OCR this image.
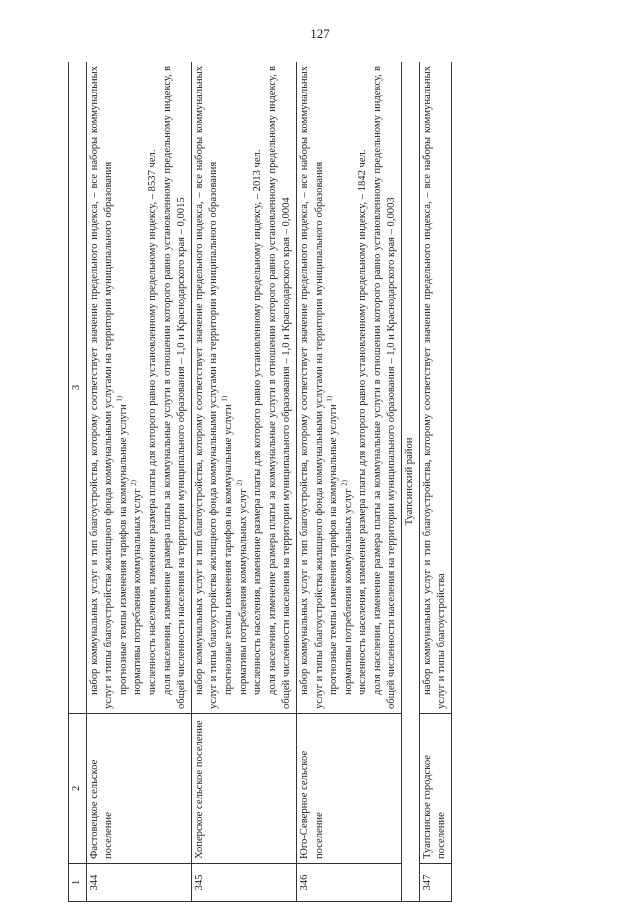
127
1	2	3
344	Фастовецкое сельское поселение	набор коммунальных услуг и тип благоустройства, которому соответствует значение предельного индекса, – все наборы коммунальных услуг и типы благоустройства жилищного фонда коммунальными услугами на территории муниципального образования прогнозные темпы изменения тарифов на коммунальные услуги $^{1)}$

нормативы потребления коммунальных услуг $^{2)}$ численность населения, изменение размера платы для которого равно установленному предельному индексу, – 8537 чел. доля населения, изменение размера платы за коммунальные услуги в отношении которого равно установленному предельному индексу, в общей численности населения на территории муниципального образования – 1,0 и Краснодарского края – 0,0015

345	Хоперское сельское поселение	набор коммунальных услуг и тип благоустройства, которому соответствует значение предельного индекса, – все наборы коммунальных услуг и типы благоустройства жилищного фонда коммунальными услугами на территории муниципального образования прогнозные темпы изменения тарифов на коммунальные услуги $^{1)}$

нормативы потребления коммунальных услуг $^{2)}$ численность населения, изменение размера платы для которого равно установленному предельному индексу, – 2013 чел. доля населения, изменение размера платы за коммунальные услуги в отношении которого равно установленному предельному индексу, в общей численности населения на территории муниципального образования – 1,0 и Краснодарского края – 0,0004

346	Юго-Северное сельское поселение	набор коммунальных услуг и тип благоустройства, которому соответствует значение предельного индекса, – все наборы коммунальных услуг и типы благоустройства жилищного фонда коммунальными услугами на территории муниципального образования прогнозные темпы изменения тарифов на коммунальные услуги $^{1)}$

нормативы потребления коммунальных услуг $^{2)}$ численность населения, изменение размера платы для которого равно установленному предельному индексу, – 1842 чел. доля населения, изменение размера платы за коммунальные услуги в отношении которого равно установленному предельному индексу, в общей численности населения на территории муниципального образования – 1,0 и Краснодарского края – 0,0003

Туапсинский район		
347	Туапсинское городское поселение	набор коммунальных услуг и тип благоустройства, которому соответствует значение предельного индекса, – все наборы коммунальных услуг и типы благоустройства
